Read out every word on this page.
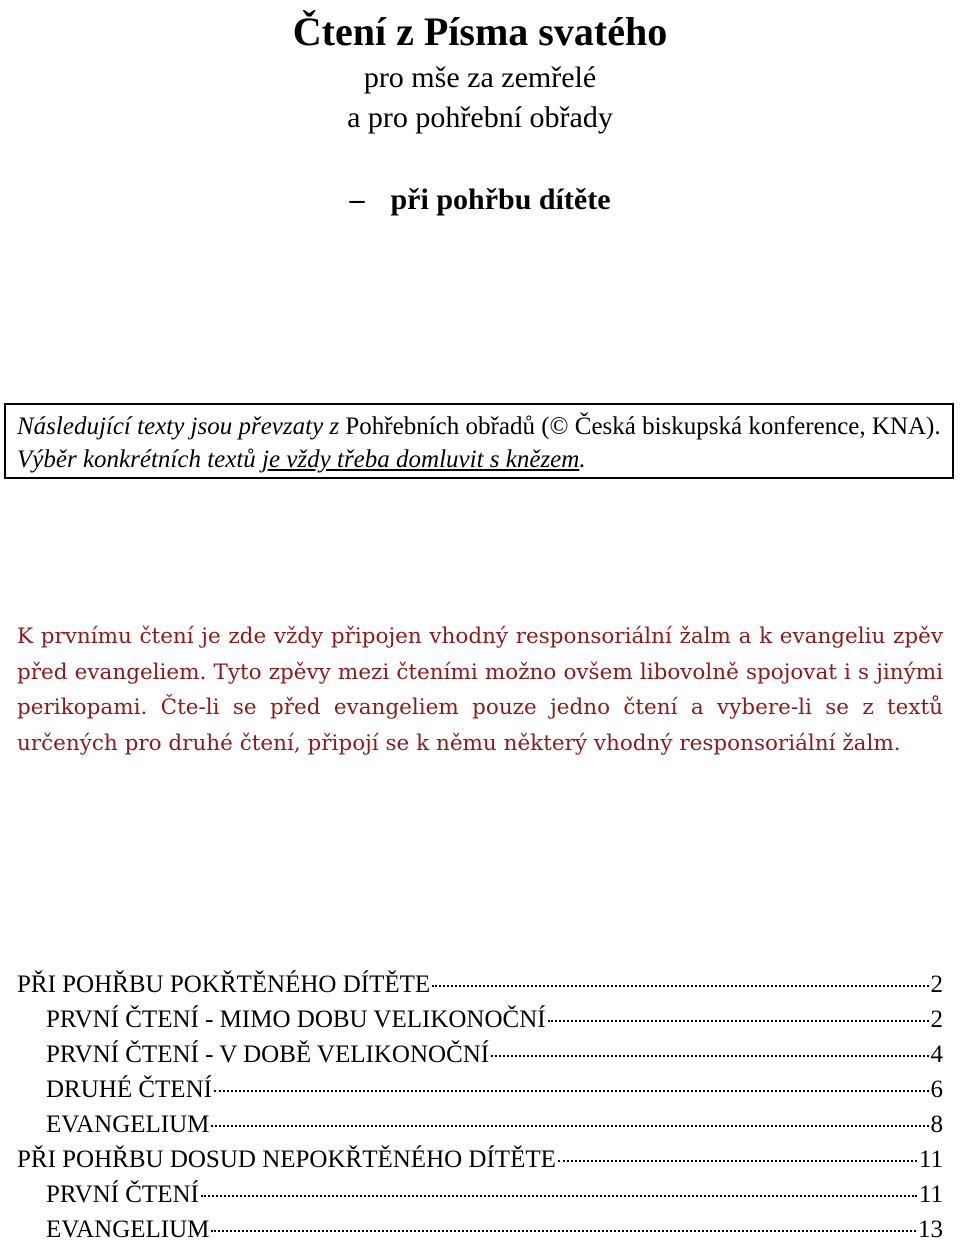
Čtení z Písma svatého
pro mše za zemřelé
a pro pohřební obřady
– při pohřbu dítěte
Následující texty jsou převzaty z Pohřebních obřadů (© Česká biskupská konference, KNA). Výběr konkrétních textů je vždy třeba domluvit s knězem.

K prvnímu čtení je zde vždy připojen vhodný responsoriální žalm a k evangeliu zpěv před evangeliem. Tyto zpěvy mezi čteními možno ovšem libovolně spojovat i s jinými perikopami. Čte-li se před evangeliem pouze jedno čtení a vybere-li se z textů určených pro druhé čtení, připojí se k němu některý vhodný responsoriální žalm.

PŘI POHŘBU POKŘTĚNÉHO DÍTĚTE	2
PRVNÍ ČTENÍ - MIMO DOBU VELIKONOČNÍ	2
PRVNÍ ČTENÍ - V DOBĚ VELIKONOČNÍ	4
DRUHÉ ČTENÍ	6
EVANGELIUM	8
PŘI POHŘBU DOSUD NEPOKŘTĚNÉHO DÍTĚTE	11
PRVNÍ ČTENÍ	11
EVANGELIUM	13
